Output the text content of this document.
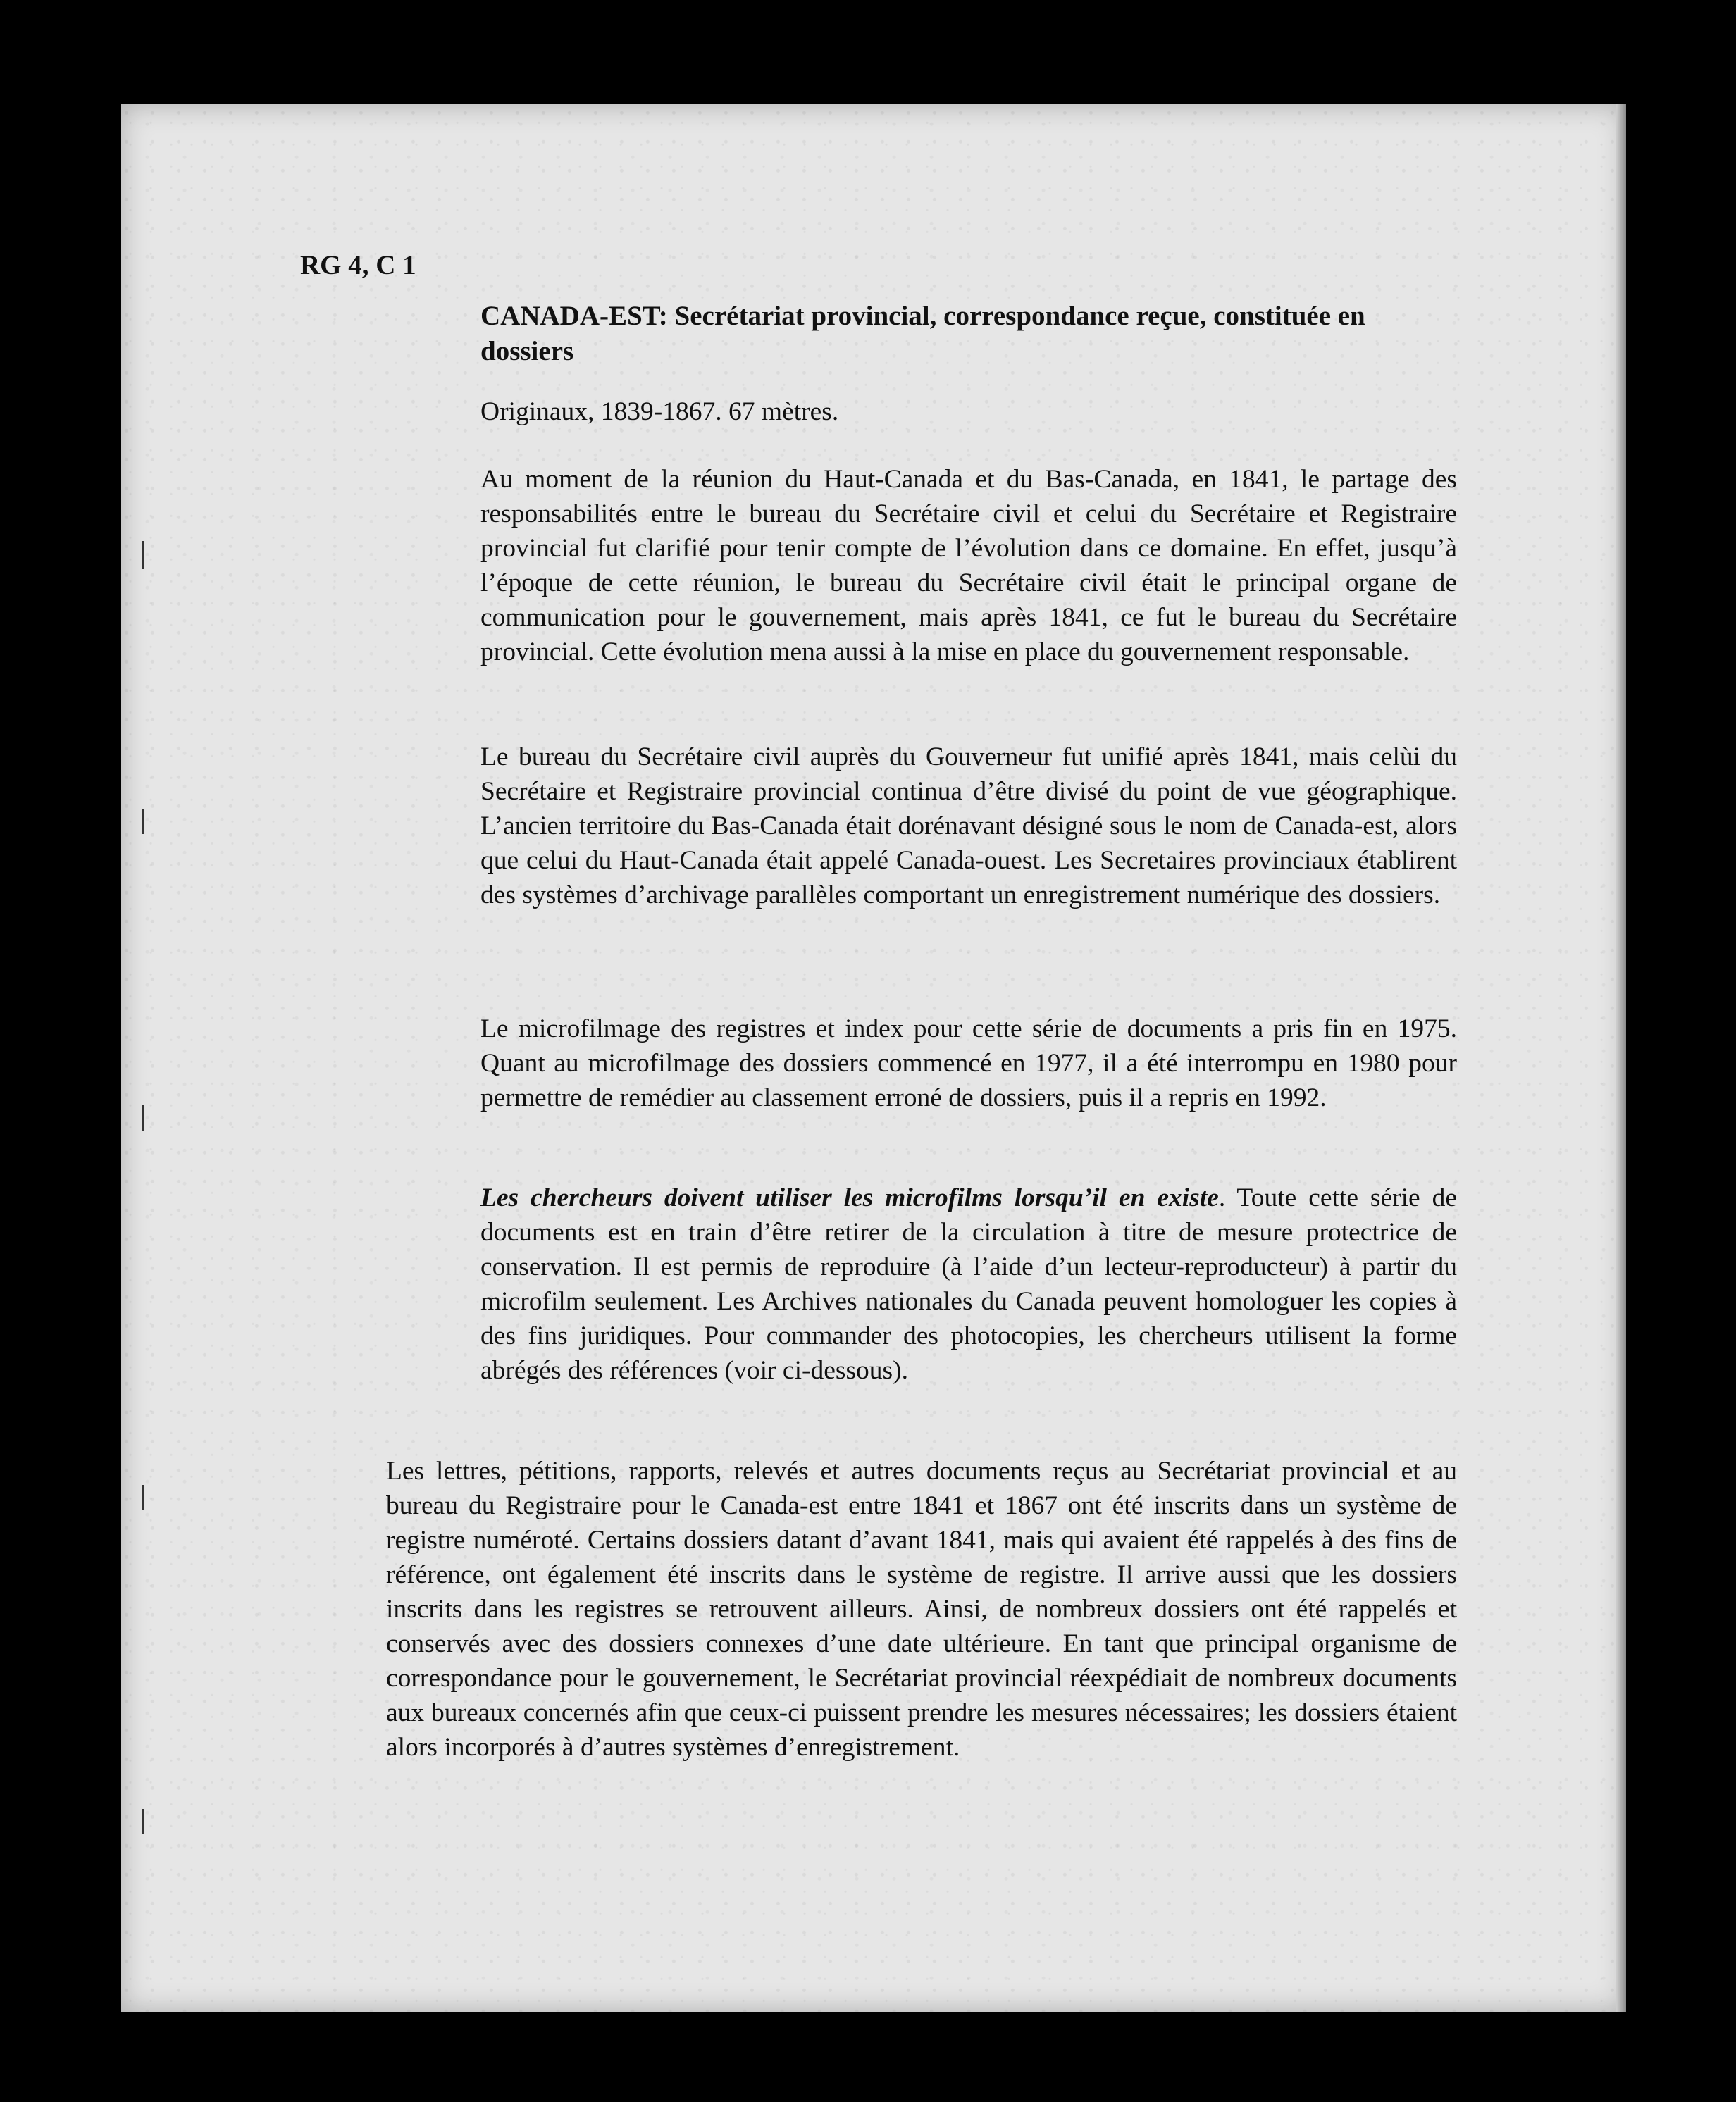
RG 4, C 1

CANADA-EST: Secrétariat provincial, correspondance reçue, constituée en dossiers

Originaux, 1839-1867. 67 mètres.

Au moment de la réunion du Haut-Canada et du Bas-Canada, en 1841, le partage des responsabilités entre le bureau du Secrétaire civil et celui du Secrétaire et Registraire provincial fut clarifié pour tenir compte de l’évolution dans ce domaine. En effet, jusqu’à l’époque de cette réunion, le bureau du Secrétaire civil était le principal organe de communication pour le gouvernement, mais après 1841, ce fut le bureau du Secrétaire provincial. Cette évolution mena aussi à la mise en place du gouvernement responsable.

Le bureau du Secrétaire civil auprès du Gouverneur fut unifié après 1841, mais celùi du Secrétaire et Registraire provincial continua d’être divisé du point de vue géographique. L’ancien territoire du Bas-Canada était dorénavant désigné sous le nom de Canada-est, alors que celui du Haut-Canada était appelé Canada-ouest. Les Secretaires provinciaux établirent des systèmes d’archivage parallèles comportant un enregistrement numérique des dossiers.

Le microfilmage des registres et index pour cette série de documents a pris fin en 1975. Quant au microfilmage des dossiers commencé en 1977, il a été interrompu en 1980 pour permettre de remédier au classement erroné de dossiers, puis il a repris en 1992.

Les chercheurs doivent utiliser les microfilms lorsqu’il en existe. Toute cette série de documents est en train d’être retirer de la circulation à titre de mesure protectrice de conservation. Il est permis de reproduire (à l’aide d’un lecteur-reproducteur) à partir du microfilm seulement. Les Archives nationales du Canada peuvent homologuer les copies à des fins juridiques. Pour commander des photocopies, les chercheurs utilisent la forme abrégés des références (voir ci-dessous).

Les lettres, pétitions, rapports, relevés et autres documents reçus au Secrétariat provincial et au bureau du Registraire pour le Canada-est entre 1841 et 1867 ont été inscrits dans un système de registre numéroté. Certains dossiers datant d’avant 1841, mais qui avaient été rappelés à des fins de référence, ont également été inscrits dans le système de registre. Il arrive aussi que les dossiers inscrits dans les registres se retrouvent ailleurs. Ainsi, de nombreux dossiers ont été rappelés et conservés avec des dossiers connexes d’une date ultérieure. En tant que principal organisme de correspondance pour le gouvernement, le Secrétariat provincial réexpédiait de nombreux documents aux bureaux concernés afin que ceux-ci puissent prendre les mesures nécessaires; les dossiers étaient alors incorporés à d’autres systèmes d’enregistrement.
